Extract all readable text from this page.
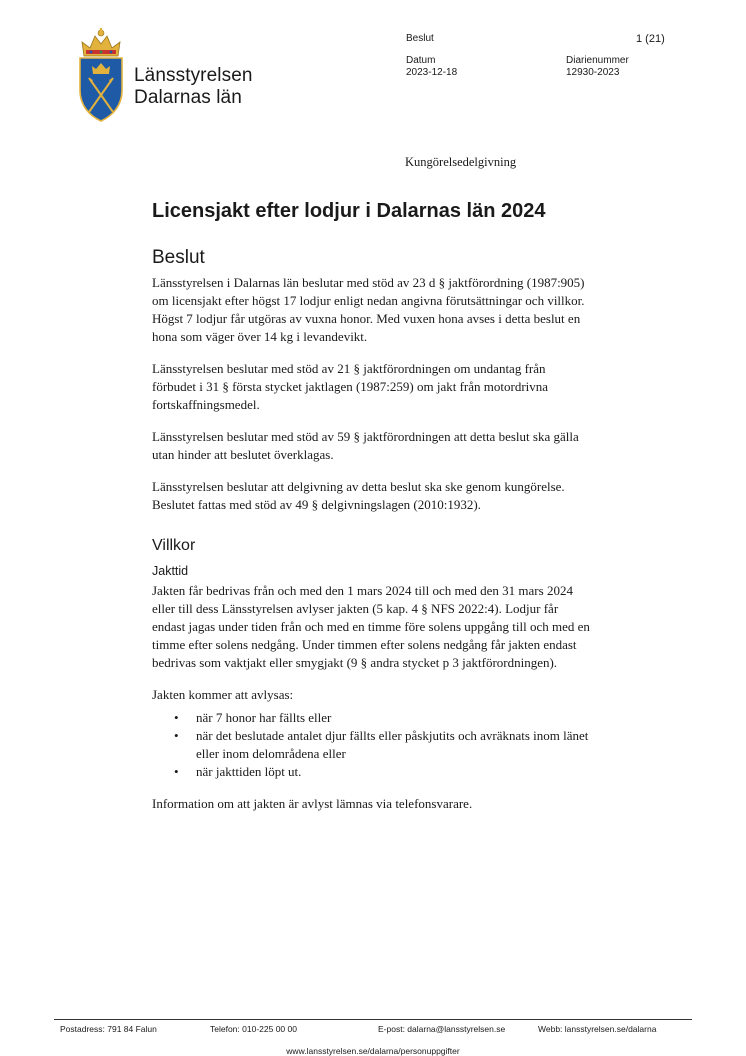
Länsstyrelsen
Dalarnas län
Beslut	1 (21)
Datum
2023-12-18
Diarienummer
12930-2023
Kungörelsedelgivning
Licensjakt efter lodjur i Dalarnas län 2024
Beslut

Länsstyrelsen i Dalarnas län beslutar med stöd av 23 d § jaktförordning (1987:905) om licensjakt efter högst 17 lodjur enligt nedan angivna förutsättningar och villkor. Högst 7 lodjur får utgöras av vuxna honor. Med vuxen hona avses i detta beslut en hona som väger över 14 kg i levandevikt.

Länsstyrelsen beslutar med stöd av 21 § jaktförordningen om undantag från förbudet i 31 § första stycket jaktlagen (1987:259) om jakt från motordrivna fortskaffningsmedel.

Länsstyrelsen beslutar med stöd av 59 § jaktförordningen att detta beslut ska gälla utan hinder att beslutet överklagas.

Länsstyrelsen beslutar att delgivning av detta beslut ska ske genom kungörelse. Beslutet fattas med stöd av 49 § delgivningslagen (2010:1932).

Villkor
Jakttid

Jakten får bedrivas från och med den 1 mars 2024 till och med den 31 mars 2024 eller till dess Länsstyrelsen avlyser jakten (5 kap. 4 § NFS 2022:4). Lodjur får endast jagas under tiden från och med en timme före solens uppgång till och med en timme efter solens nedgång. Under timmen efter solens nedgång får jakten endast bedrivas som vaktjakt eller smygjakt (9 § andra stycket p 3 jaktförordningen).

Jakten kommer att avlysas:

• när 7 honor har fällts eller
• när det beslutade antalet djur fällts eller påskjutits och avräknats inom länet eller inom delområdena eller
• när jakttiden löpt ut.

Information om att jakten är avlyst lämnas via telefonsvarare.

Postadress: 791 84 Falun	Telefon: 010-225 00 00	E-post: dalarna@lansstyrelsen.se	Webb: lansstyrelsen.se/dalarna
www.lansstyrelsen.se/dalarna/personuppgifter
